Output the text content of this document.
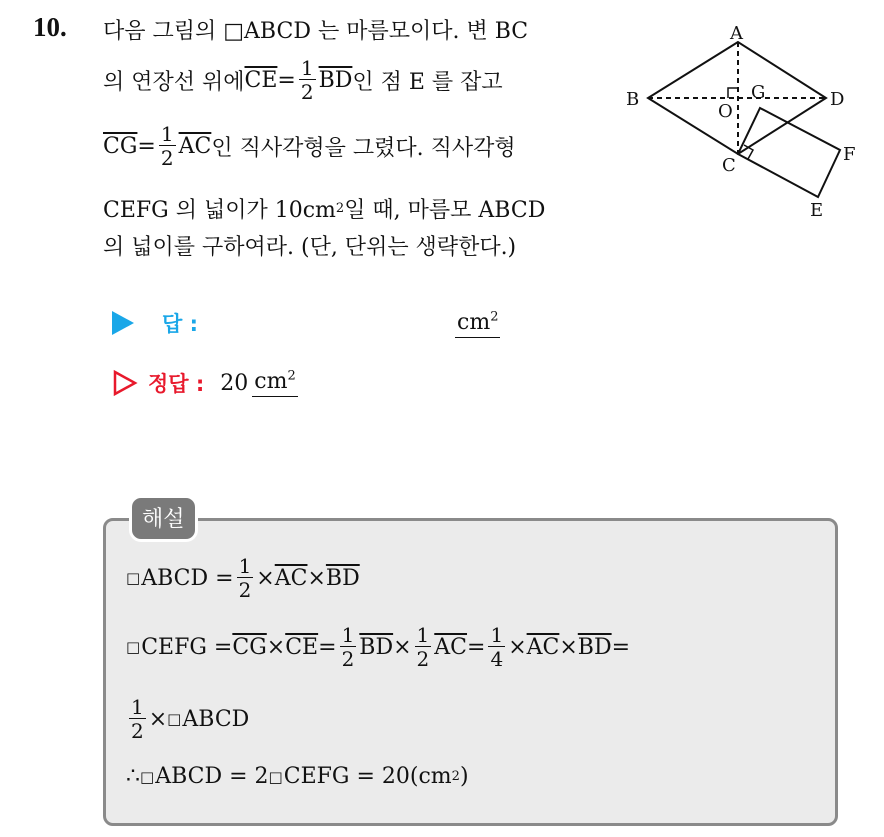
10. 다음 그림의 □ABCD 는 마름모이다. 변 BC
의 연장선 위에 $\overline{CE} = \frac{1}{2} \overline{BD}$ 인 점 E 를 잡고
$\overline{CG} = \frac{1}{2} \overline{AC}$ 인 직사각형을 그렸다. 직사각형
CEFG 의 넓이가 10cm 2 일 때, 마름모 ABCD
의 넓이를 구하여라. (단, 단위는 생략한다.)
A
B	D
O
G
C
F
E
답 :	$cm^2$
정답 : 20 $cm^2$
해설
□ ABCD = $\frac{1}{2} \times \overline{AC} \times \overline{BD}$
□ CEFG = $\overline{CG} \times \overline{CE} = \frac{1}{2} \overline{BD} \times \frac{1}{2} \overline{AC} = \frac{1}{4} \times \overline{AC} \times \overline{BD}$ =
$\frac{1}{2}$ × □ ABCD
∴ □ ABCD = 2 □ CEFG = 20(cm 2 )
